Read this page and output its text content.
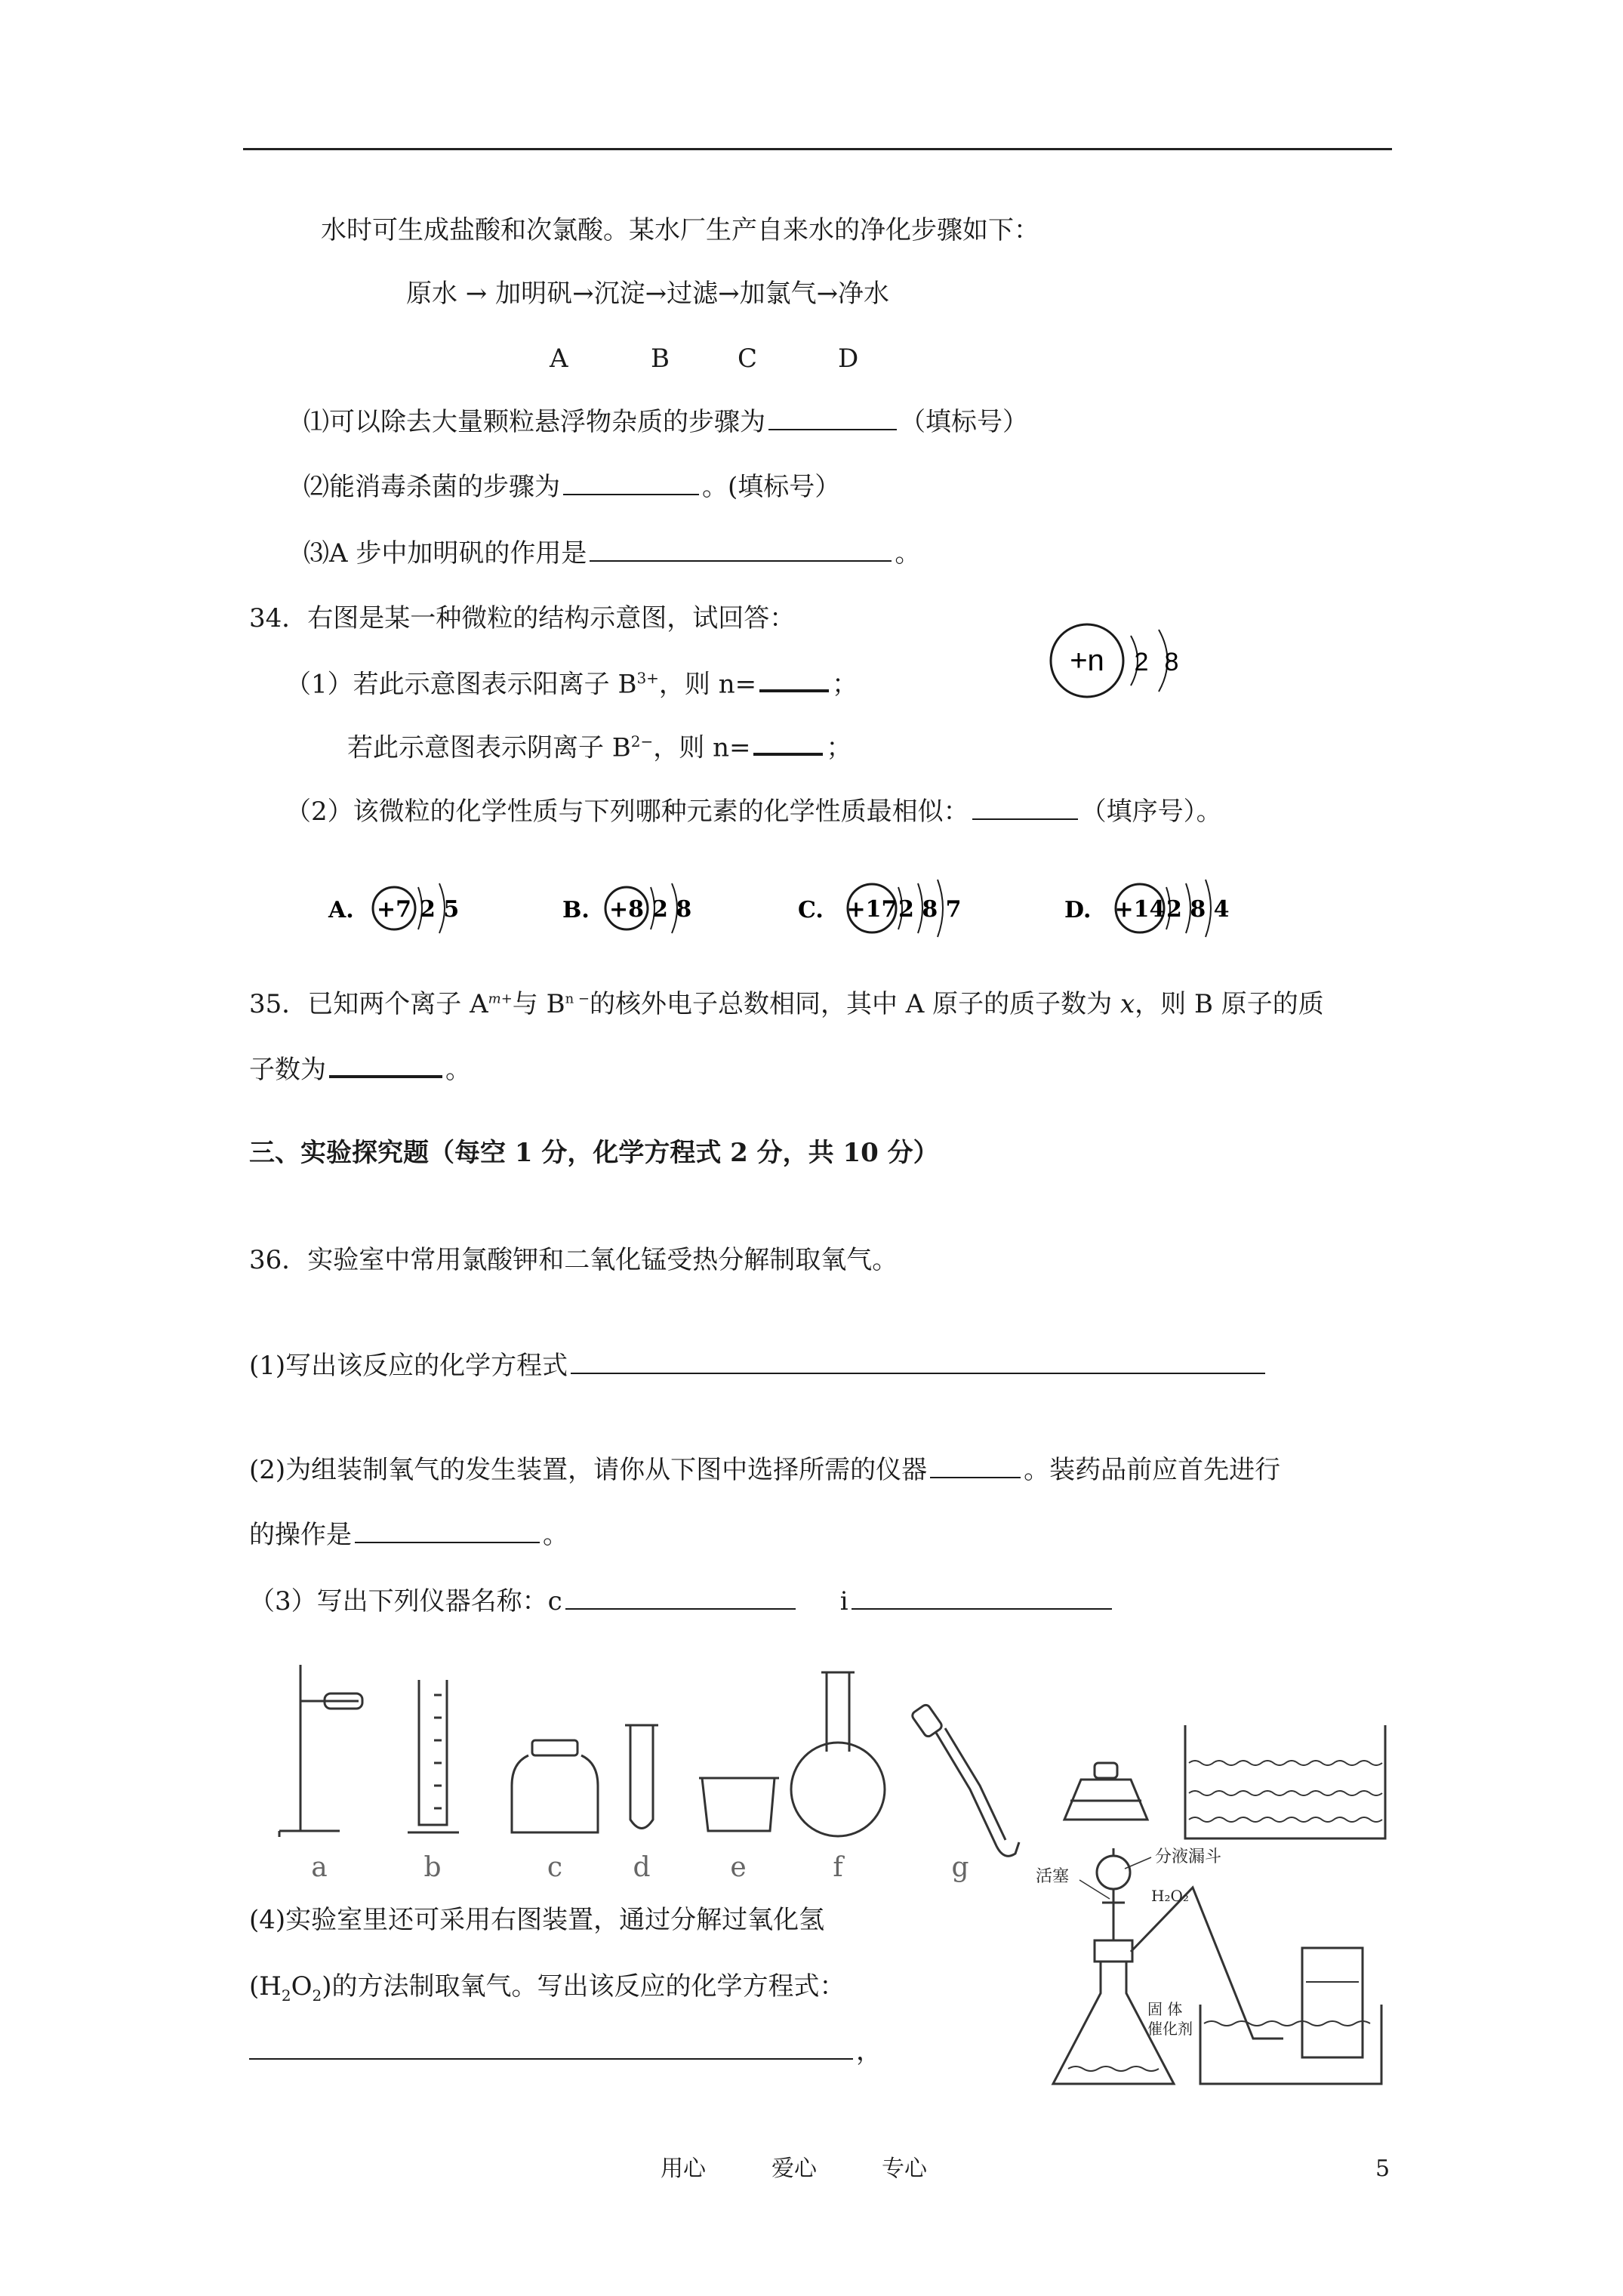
水时可生成盐酸和次氯酸。某水厂生产自来水的净化步骤如下：
原水 → 加明矾→沉淀→过滤→加氯气→净水
A	B	C	D
⑴可以除去大量颗粒悬浮物杂质的步骤为	（填标号）
⑵能消毒杀菌的步骤为	。(填标号）
⑶A 步中加明矾的作用是	。
34．右图是某一种微粒的结构示意图，试回答：
+n 2 8
（1）若此示意图表示阳离子 $B^{3+}$，则 n=	；
若此示意图表示阴离子 $B^{2-}$，则 n=	；
（2）该微粒的化学性质与下列哪种元素的化学性质最相似：	（填序号）。
A. +7 2 5	B. +8 2 8	C. +17 2 8 7	D. +14 2 8 4
35．已知两个离子 $A^{m+}$与 $B^{n -}$的核外电子总数相同，其中 A 原子的质子数为 x，则 B 原子的质
子数为	。
三、实验探究题（每空 1 分，化学方程式 2 分，共 10 分）
36．实验室中常用氯酸钾和二氧化锰受热分解制取氧气。
(1)写出该反应的化学方程式
(2)为组装制氧气的发生装置，请你从下图中选择所需的仪器	。装药品前应首先进行
的操作是	。
（3）写出下列仪器名称：c	i
a	b	c	d	e	f	g
(4)实验室里还可采用右图装置，通过分解过氧化氢
$(H_2O_2)$的方法制取氧气。写出该反应的化学方程式：
，
活塞
分液漏斗
H₂O₂
固 体
催化剂
用心	爱心	专心	5
